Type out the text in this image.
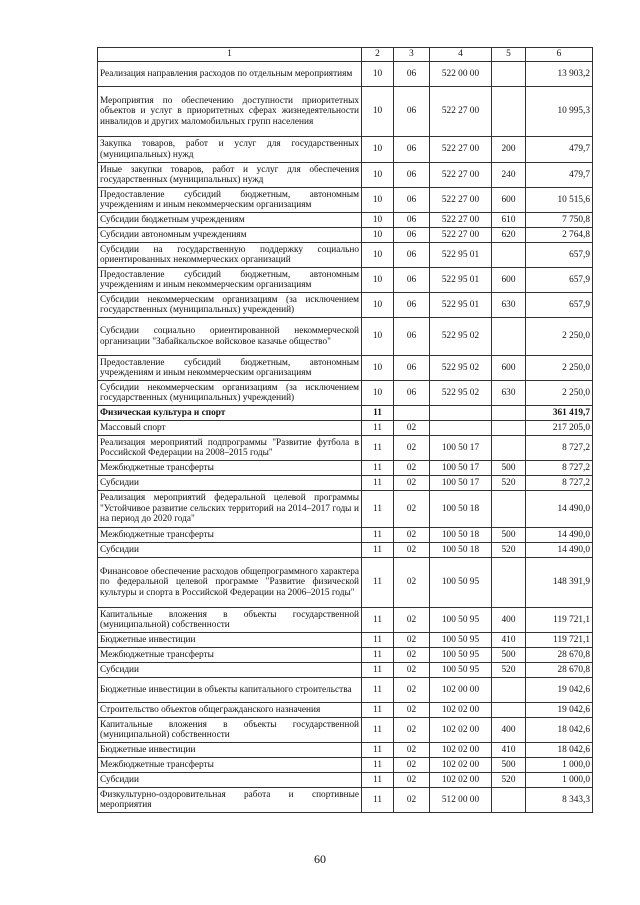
1	2	3	4	5	6
Реализация направления расходов по отдельным мероприятиям	10	06	522 00 00		13 903,2
Мероприятия по обеспечению доступности приоритетных объектов и услуг в приоритетных сферах жизнедеятельности инвалидов и других маломобильных групп населения	10	06	522 27 00		10 995,3
Закупка товаров, работ и услуг для государственных (муниципальных) нужд	10	06	522 27 00	200	479,7
Иные закупки товаров, работ и услуг для обеспечения государственных (муниципальных) нужд	10	06	522 27 00	240	479,7
Предоставление субсидий бюджетным, автономным учреждениям и иным некоммерческим организациям	10	06	522 27 00	600	10 515,6
Субсидии бюджетным учреждениям	10	06	522 27 00	610	7 750,8
Субсидии автономным учреждениям	10	06	522 27 00	620	2 764,8
Субсидии на государственную поддержку социально ориентированных некоммерческих организаций	10	06	522 95 01		657,9
Предоставление субсидий бюджетным, автономным учреждениям и иным некоммерческим организациям	10	06	522 95 01	600	657,9
Субсидии некоммерческим организациям (за исключением государственных (муниципальных) учреждений)	10	06	522 95 01	630	657,9
Субсидии социально ориентированной некоммерческой организации "Забайкальское войсковое казачье общество"	10	06	522 95 02		2 250,0
Предоставление субсидий бюджетным, автономным учреждениям и иным некоммерческим организациям	10	06	522 95 02	600	2 250,0
Субсидии некоммерческим организациям (за исключением государственных (муниципальных) учреждений)	10	06	522 95 02	630	2 250,0
Физическая культура и спорт	11				361 419,7
Массовый спорт	11	02			217 205,0
Реализация мероприятий подпрограммы "Развитие футбола в Российской Федерации на 2008–2015 годы"	11	02	100 50 17		8 727,2
Межбюджетные трансферты	11	02	100 50 17	500	8 727,2
Субсидии	11	02	100 50 17	520	8 727,2
Реализация мероприятий федеральной целевой программы "Устойчивое развитие сельских территорий на 2014–2017 годы и на период до 2020 года"	11	02	100 50 18		14 490,0
Межбюджетные трансферты	11	02	100 50 18	500	14 490,0
Субсидии	11	02	100 50 18	520	14 490,0
Финансовое обеспечение расходов общепрограммного характера по федеральной целевой программе "Развитие физической культуры и спорта в Российской Федерации на 2006–2015 годы"	11	02	100 50 95		148 391,9
Капитальные вложения в объекты государственной (муниципальной) собственности	11	02	100 50 95	400	119 721,1
Бюджетные инвестиции	11	02	100 50 95	410	119 721,1
Межбюджетные трансферты	11	02	100 50 95	500	28 670,8
Субсидии	11	02	100 50 95	520	28 670,8
Бюджетные инвестиции в объекты капитального строительства	11	02	102 00 00		19 042,6
Строительство объектов общегражданского назначения	11	02	102 02 00		19 042,6
Капитальные вложения в объекты государственной (муниципальной) собственности	11	02	102 02 00	400	18 042,6
Бюджетные инвестиции	11	02	102 02 00	410	18 042,6
Межбюджетные трансферты	11	02	102 02 00	500	1 000,0
Субсидии	11	02	102 02 00	520	1 000,0
Физкультурно-оздоровительная работа и спортивные мероприятия	11	02	512 00 00		8 343,3
60
